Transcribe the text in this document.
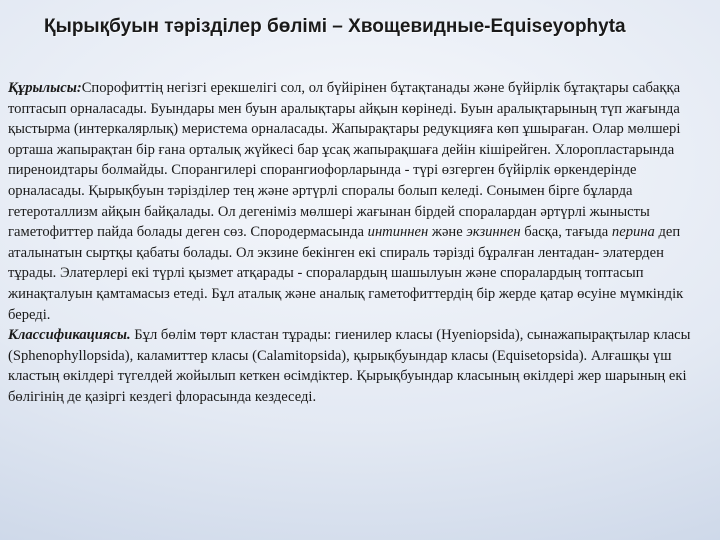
Қырықбуын тәрізділер бөлімі – Хвощевидные-Equiseyophyta

Құрылысы:Спорофиттің негізгі ерекшелігі сол, ол бүйірінен бұтақтанады және бүйірлік бұтақтары сабаққа топтасып орналасады. Буындары мен буын аралықтары айқын көрінеді. Буын аралықтарының түп жағында қыстырма (интеркалярлық) меристема орналасады. Жапырақтары редукцияға көп ұшыраған. Олар мөлшері орташа жапырақтан бір ғана орталық жүйкесі бар ұсақ жапырақшаға дейін кішірейген. Хлоропластарында пиреноидтары болмайды. Спорангилері спорангиофорларында - түрі өзгерген бүйірлік өркендерінде орналасады. Қырықбуын тәрізділер тең және әртүрлі споралы болып келеді. Сонымен бірге бұларда гетероталлизм айқын байқалады. Ол дегеніміз мөлшері жағынан бірдей споралардан әртүрлі жынысты гаметофиттер пайда болады деген сөз. Спородермасында интиннен және экзиннен басқа, тағыда перина деп аталынатын сыртқы қабаты болады. Ол экзине бекінген екі спираль тәрізді бұралған лентадан- элатерден тұрады. Элатерлері екі түрлі қызмет атқарады - споралардың шашылуын және споралардың топтасып жинақталуын қамтамасыз етеді. Бұл аталық және аналық гаметофиттердің бір жерде қатар өсуіне мүмкіндік береді.

Классификациясы. Бұл бөлім төрт кластан тұрады: гиенилер класы (Hyeniopsida), сынажапырақтылар класы (Sphenophyllopsida), каламиттер класы (Calamitopsida), қырықбуындар класы (Equisetopsida). Алғашқы үш кластың өкілдері түгелдей жойылып кеткен өсімдіктер. Қырықбуындар класының өкілдері жер шарының екі бөлігінің де қазіргі кездегі флорасында кездеседі.
